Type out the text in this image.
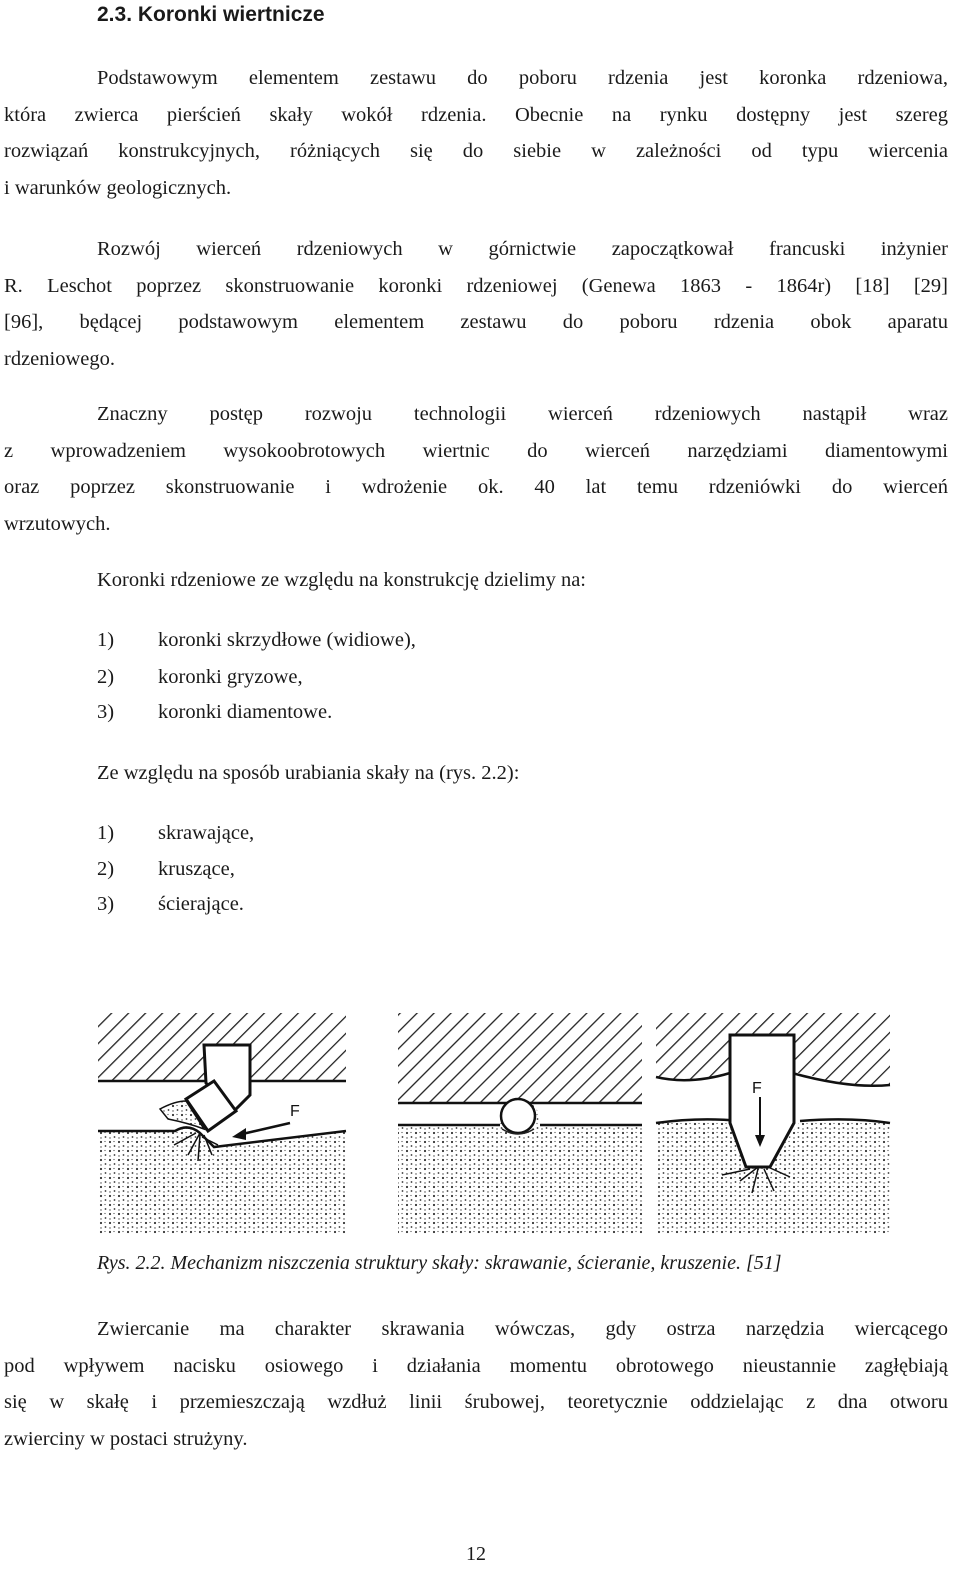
2.3. Koronki wiertnicze
Podstawowym elementem zestawu do poboru rdzenia jest koronka rdzeniowa,
która zwierca pierścień skały wokół rdzenia. Obecnie na rynku dostępny jest szereg
rozwiązań konstrukcyjnych, różniących się do siebie w zależności od typu wiercenia
i warunków geologicznych.
Rozwój wierceń rdzeniowych w górnictwie zapoczątkował francuski inżynier
R. Leschot poprzez skonstruowanie koronki rdzeniowej (Genewa 1863 - 1864r) [18] [29]
[96], będącej podstawowym elementem zestawu do poboru rdzenia obok aparatu
rdzeniowego.
Znaczny postęp rozwoju technologii wierceń rdzeniowych nastąpił wraz
z wprowadzeniem wysokoobrotowych wiertnic do wierceń narzędziami diamentowymi
oraz poprzez skonstruowanie i wdrożenie ok. 40 lat temu rdzeniówki do wierceń
wrzutowych.
Koronki rdzeniowe ze względu na konstrukcję dzielimy na:
1) koronki skrzydłowe (widiowe),
2) koronki gryzowe,
3) koronki diamentowe.
Ze względu na sposób urabiania skały na (rys. 2.2):
1) skrawające,
2) kruszące,
3) ścierające.
F
F
Rys. 2.2. Mechanizm niszczenia struktury skały: skrawanie, ścieranie, kruszenie. [51]
Zwiercanie ma charakter skrawania wówczas, gdy ostrza narzędzia wiercącego
pod wpływem nacisku osiowego i działania momentu obrotowego nieustannie zagłębiają
się w skałę i przemieszczają wzdłuż linii śrubowej, teoretycznie oddzielając z dna otworu
zwierciny w postaci strużyny.
12
